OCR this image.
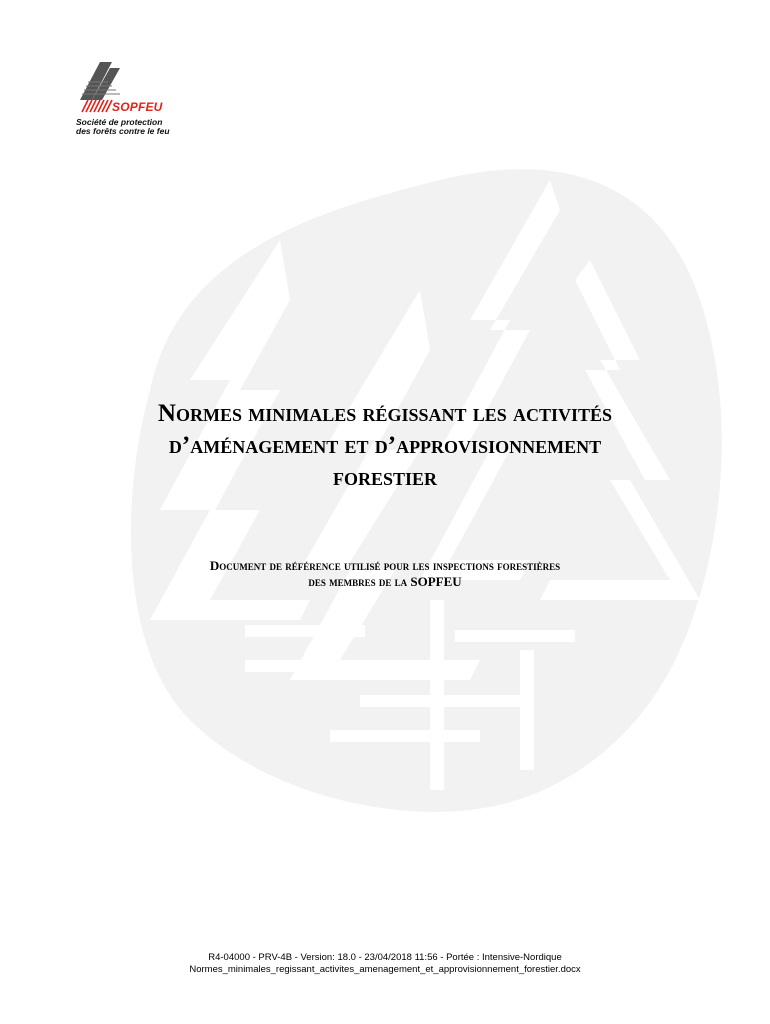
SOPFEU
Société de protection
des forêts contre le feu
Normes minimales régissant les activités
d’aménagement et d’approvisionnement
forestier
Document de référence utilisé pour les inspections forestières
des membres de la SOPFEU
R4-04000 - PRV-4B - Version: 18.0 - 23/04/2018 11:56 - Portée : Intensive-Nordique
Normes_minimales_regissant_activites_amenagement_et_approvisionnement_forestier.docx
